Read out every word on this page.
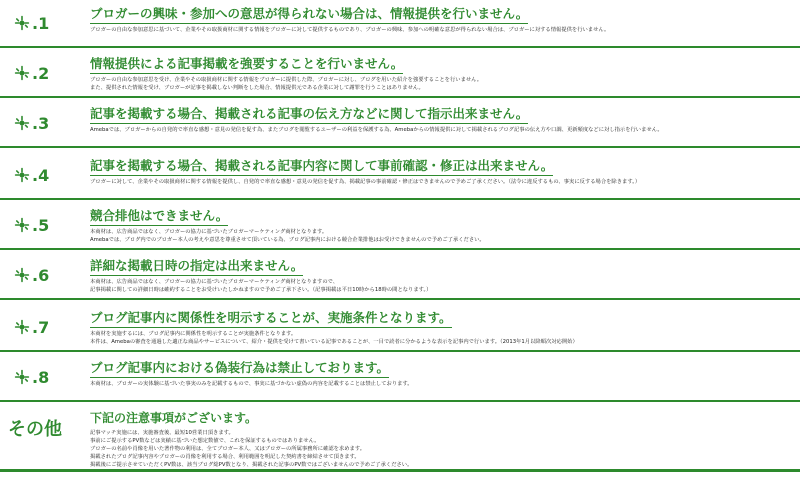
.1
ブロガーの興味・参加への意思が得られない場合は、情報提供を行いません。
ブロガーの自由な参加意思に基づいて、企業やその取扱商材に関する情報をブロガーに対して提供するものであり、ブロガーの興味、参加への明確な意思が得られない場合は、ブロガーに対する情報提供を行いません。
.2
情報提供による記事掲載を強要することを行いません。
ブロガーの自由な参加意思を受け、企業やその取扱商材に関する情報をブロガーに提供した際、ブロガーに対し、ブログを用いた紹介を強要することを行いません。
また、提供された情報を受け、ブロガーが記事を掲載しない判断をした場合、情報提供元である企業に対して謝罪を行うことはありません。
.3
記事を掲載する場合、掲載される記事の伝え方などに関して指示出来ません。
Amebaでは、ブロガーからの自発的で率直な感想・意見の発信を促す為、またブログを閲覧するユーザーの利益を保護する為、Amebaからの情報提供に対して掲載されるブログ記事の伝え方や口調、更新頻度などに対し指示を行いません。
.4
記事を掲載する場合、掲載される記事内容に関して事前確認・修正は出来ません。
ブロガーに対して、企業やその取扱商材に関する情報を提供し、自発的で率直な感想・意見の発信を促す為、掲載記事の事前確認・修正はできませんので予めご了承ください。（法令に違反するもの、事実に反する場合を除きます。）
.5
競合排他はできません。
本商材は、広告商品ではなく、ブロガーの協力に基づいたブロガーマーケティング商材となります。
Amebaでは、ブログ内でのブロガー本人の考えや意思を尊重させて頂いている為、ブログ記事内における競合企業排他はお受けできませんので予めご了承ください。
.6
詳細な掲載日時の指定は出来ません。
本商材は、広告商品ではなく、ブロガーの協力に基づいたブロガーマーケティング商材となりますので、
記事掲載に関しての詳細日時は確約することをお受けいたしかねますので予めご了承下さい。（記事掲載は平日10時から18時の間となります。）
.7
ブログ記事内に関係性を明示することが、実施条件となります。
本商材を実施するには、ブログ記事内に関係性を明示することが実施条件となります。
本件は、Amebaの審査を通過した適正な商品やサービスについて、紹介・提供を受けて書いている記事であることが、一目で読者に分かるような表示を記事内で行います。（2013年1月以降順次対応開始）
.8
ブログ記事内における偽装行為は禁止しております。
本商材は、ブロガーの実体験に基づいた事実のみを記載するもので、事実に基づかない虚偽の内容を記載することは禁止しております。
その他
下記の注意事項がございます。
記事マッチ実施には、実施審査後、最短10営業日頂きます。
事前にご提示するPV数などは実績に基づいた想定数値で、これを保証するものではありません。
ブロガーの名前や肖像を用いた著作物の利用は、全てブロガー本人、又はブロガーの所属事務所に確認を求めます。
掲載されたブログ記事内容やブロガーの肖像を利用する場合、利用範囲を明記した契約書を締結させて頂きます。
掲載後にご提示させていただくPV数は、該当ブログ総PV数となり、掲載された記事のPV数ではございませんので予めご了承ください。
